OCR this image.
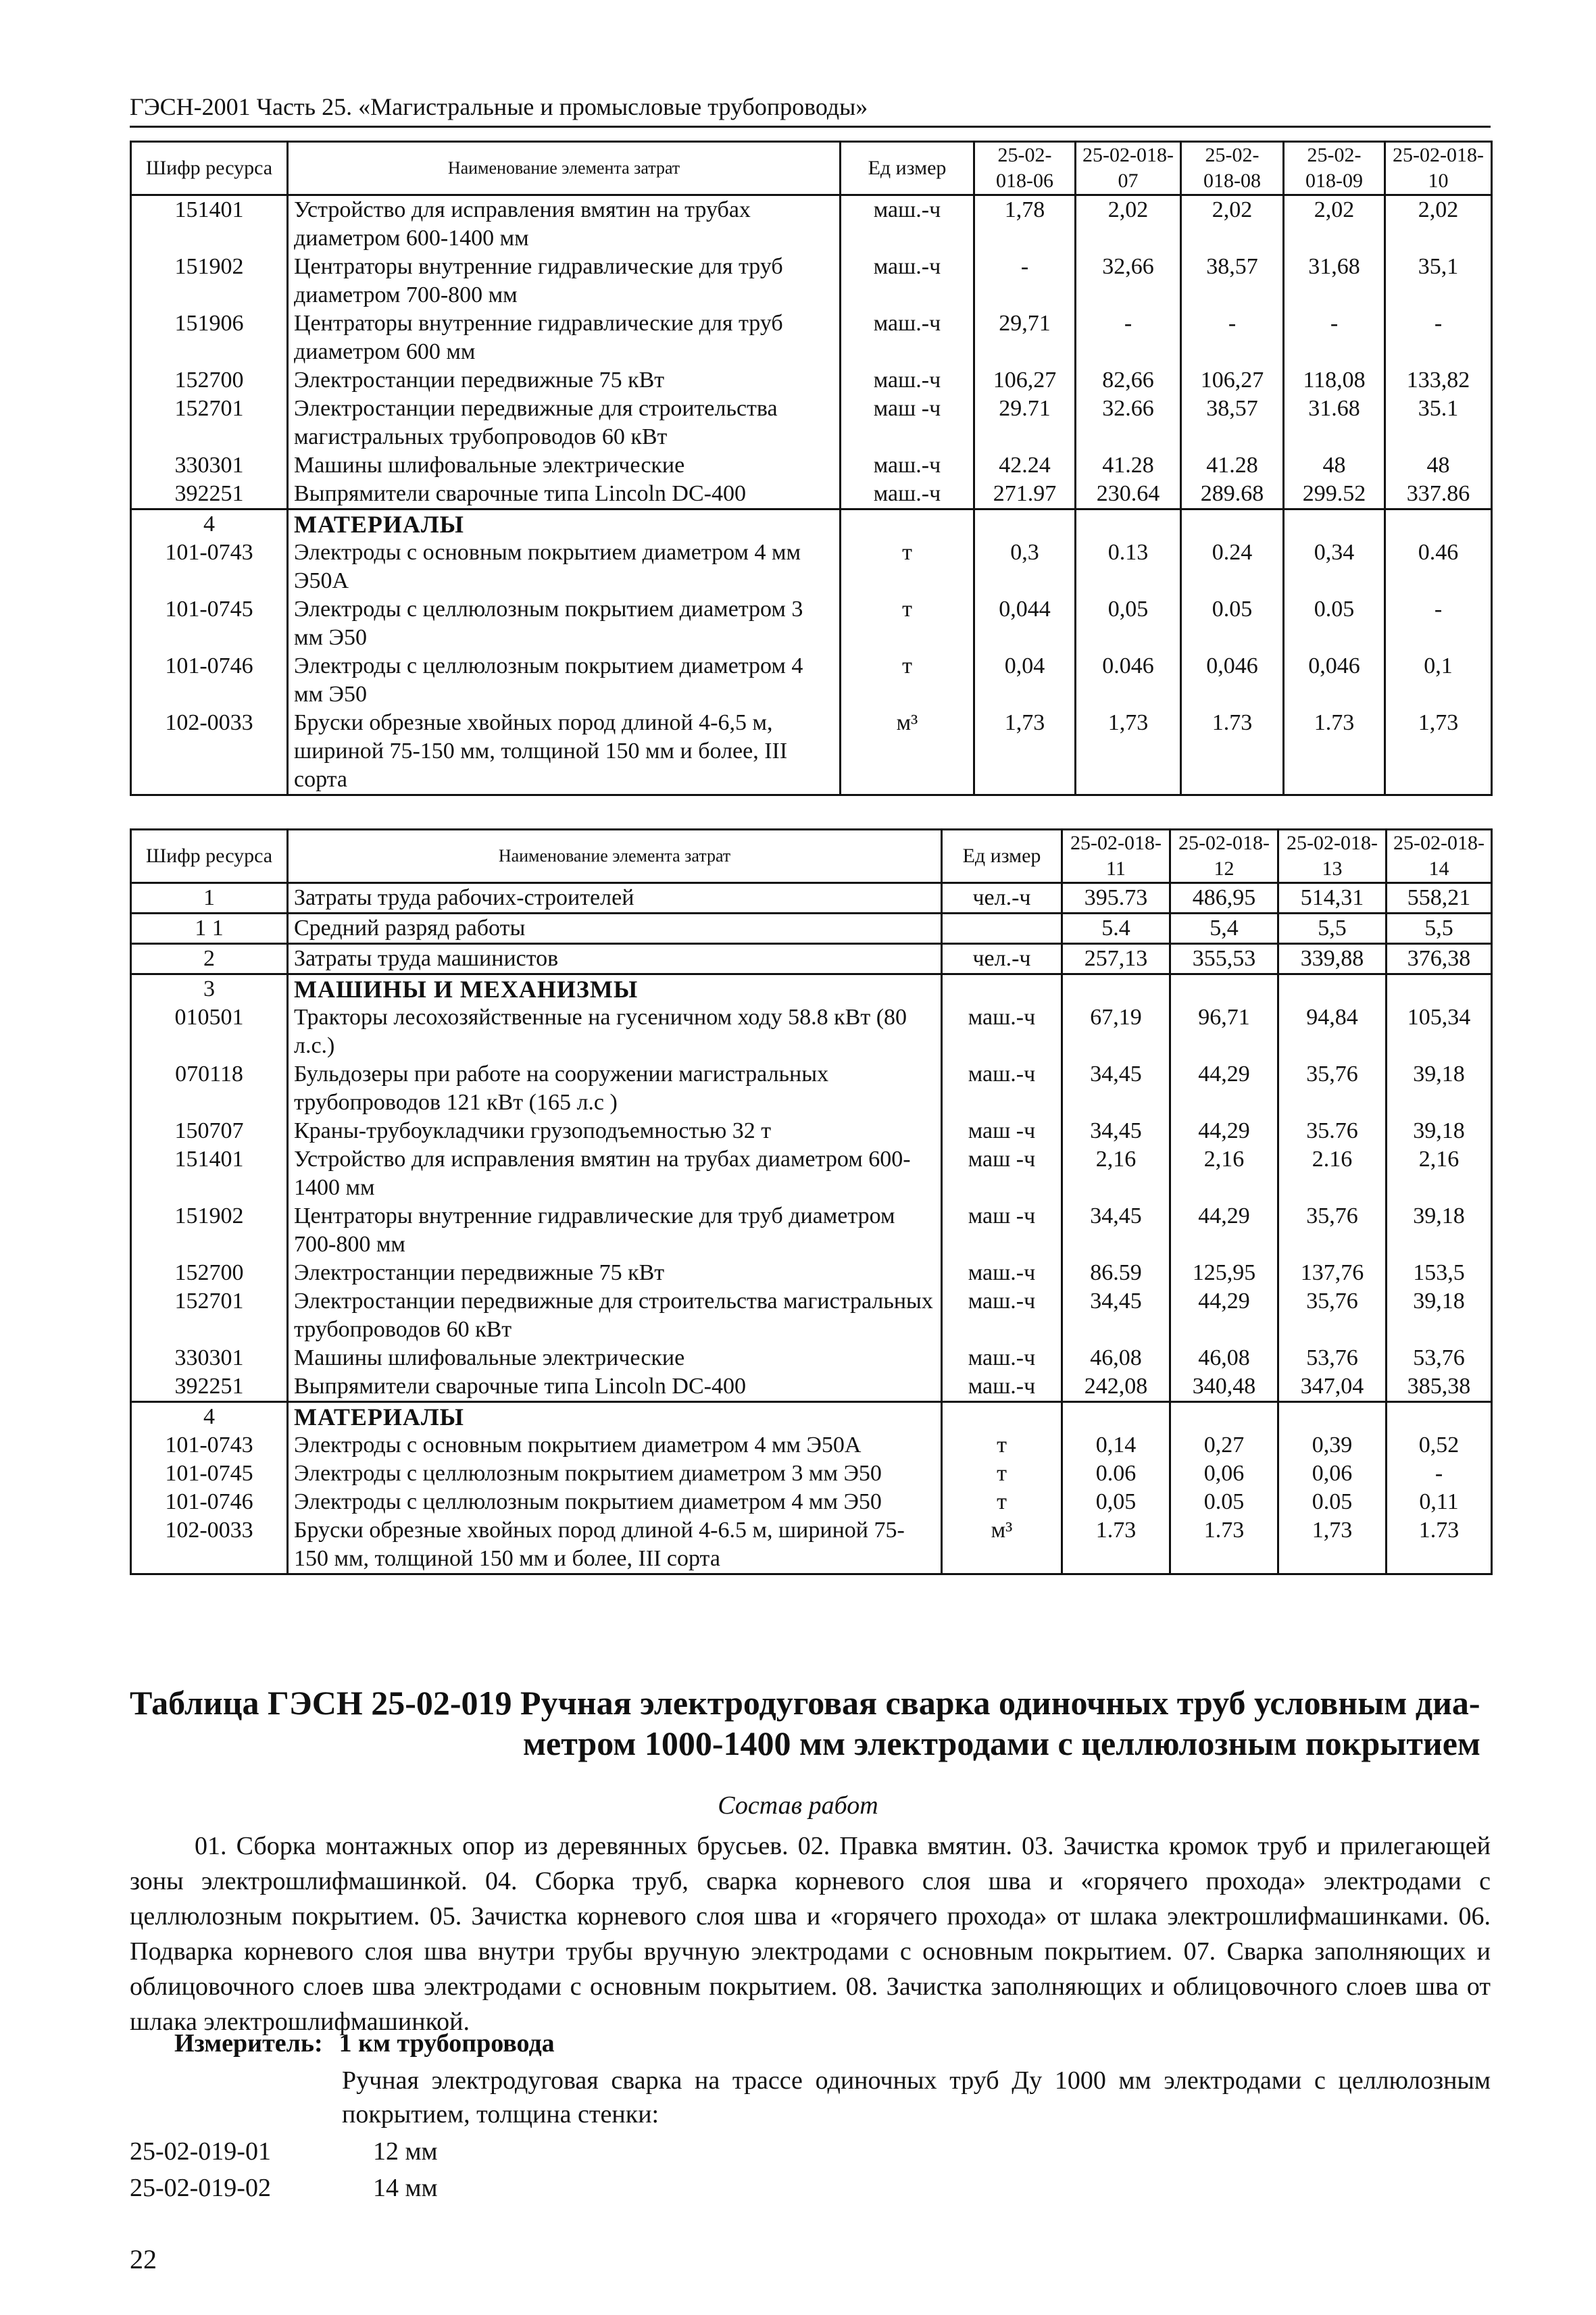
ГЭСН-2001 Часть 25. «Магистральные и промысловые трубопроводы»
Шифр ресурса	Наименование элемента затрат	Ед измер	25-02-018-06	25-02-018-07	25-02-018-08	25-02-018-09	25-02-018-10
151401	Устройство для исправления вмятин на трубах диаметром 600-1400 мм	маш.-ч	1,78	2,02	2,02	2,02	2,02
151902	Центраторы внутренние гидравлические для труб диаметром 700-800 мм	маш.-ч	-	32,66	38,57	31,68	35,1
151906	Центраторы внутренние гидравлические для труб диаметром 600 мм	маш.-ч	29,71	-	-	-	-
152700	Электростанции передвижные 75 кВт	маш.-ч	106,27	82,66	106,27	118,08	133,82
152701	Электростанции передвижные для строительства магистральных трубопроводов 60 кВт	маш -ч	29.71	32.66	38,57	31.68	35.1
330301	Машины шлифовальные электрические	маш.-ч	42.24	41.28	41.28	48	48
392251	Выпрямители сварочные типа Lincoln DC-400	маш.-ч	271.97	230.64	289.68	299.52	337.86
4	МАТЕРИАЛЫ						
101-0743	Электроды с основным покрытием диаметром 4 мм Э50А	т	0,3	0.13	0.24	0,34	0.46
101-0745	Электроды с целлюлозным покрытием диаметром 3 мм Э50	т	0,044	0,05	0.05	0.05	-
101-0746	Электроды с целлюлозным покрытием диаметром 4 мм Э50	т	0,04	0.046	0,046	0,046	0,1
102-0033	Бруски обрезные хвойных пород длиной 4-6,5 м, шириной 75-150 мм, толщиной 150 мм и более, III сорта	м³	1,73	1,73	1.73	1.73	1,73
Шифр ресурса	Наименование элемента затрат	Ед измер	25-02-018-11	25-02-018-12	25-02-018-13	25-02-018-14
1	Затраты труда рабочих-строителей	чел.-ч	395.73	486,95	514,31	558,21
1 1	Средний разряд работы		5.4	5,4	5,5	5,5
2	Затраты труда машинистов	чел.-ч	257,13	355,53	339,88	376,38
3	МАШИНЫ И МЕХАНИЗМЫ					
010501	Тракторы лесохозяйственные на гусеничном ходу 58.8 кВт (80 л.с.)	маш.-ч	67,19	96,71	94,84	105,34
070118	Бульдозеры при работе на сооружении магистральных трубопроводов 121 кВт (165 л.с )	маш.-ч	34,45	44,29	35,76	39,18
150707	Краны-трубоукладчики грузоподъемностью 32 т	маш -ч	34,45	44,29	35.76	39,18
151401	Устройство для исправления вмятин на трубах диаметром 600-1400 мм	маш -ч	2,16	2,16	2.16	2,16
151902	Центраторы внутренние гидравлические для труб диаметром 700-800 мм	маш -ч	34,45	44,29	35,76	39,18
152700	Электростанции передвижные 75 кВт	маш.-ч	86.59	125,95	137,76	153,5
152701	Электростанции передвижные для строительства магистральных трубопроводов 60 кВт	маш.-ч	34,45	44,29	35,76	39,18
330301	Машины шлифовальные электрические	маш.-ч	46,08	46,08	53,76	53,76
392251	Выпрямители сварочные типа Lincoln DC-400	маш.-ч	242,08	340,48	347,04	385,38
4	МАТЕРИАЛЫ					
101-0743	Электроды с основным покрытием диаметром 4 мм Э50А	т	0,14	0,27	0,39	0,52
101-0745	Электроды с целлюлозным покрытием диаметром 3 мм Э50	т	0.06	0,06	0,06	-
101-0746	Электроды с целлюлозным покрытием диаметром 4 мм Э50	т	0,05	0.05	0.05	0,11
102-0033	Бруски обрезные хвойных пород длиной 4-6.5 м, шириной 75-150 мм, толщиной 150 мм и более, III сорта	м³	1.73	1.73	1,73	1.73
Таблица ГЭСН 25-02-019 Ручная электродуговая сварка одиночных труб условным диа-
метром 1000-1400 мм электродами с целлюлозным покрытием
Состав работ
01. Сборка монтажных опор из деревянных брусьев. 02. Правка вмятин. 03. Зачистка кромок труб и прилегающей зоны электрошлифмашинкой. 04. Сборка труб, сварка корневого слоя шва и «горячего прохода» электродами с целлюлозным покрытием. 05. Зачистка корневого слоя шва и «горячего прохода» от шлака электрошлифмашинками. 06. Подварка корневого слоя шва внутри трубы вручную электродами с основным покрытием. 07. Сварка заполняющих и облицовочного слоев шва электродами с основным покрытием. 08. Зачистка заполняющих и облицовочного слоев шва от шлака электрошлифмашинкой.
Измеритель: 1 км трубопровода
Ручная электродуговая сварка на трассе одиночных труб Ду 1000 мм электродами с целлюлозным покрытием, толщина стенки:
25-02-019-01	12 мм
25-02-019-02	14 мм
22
